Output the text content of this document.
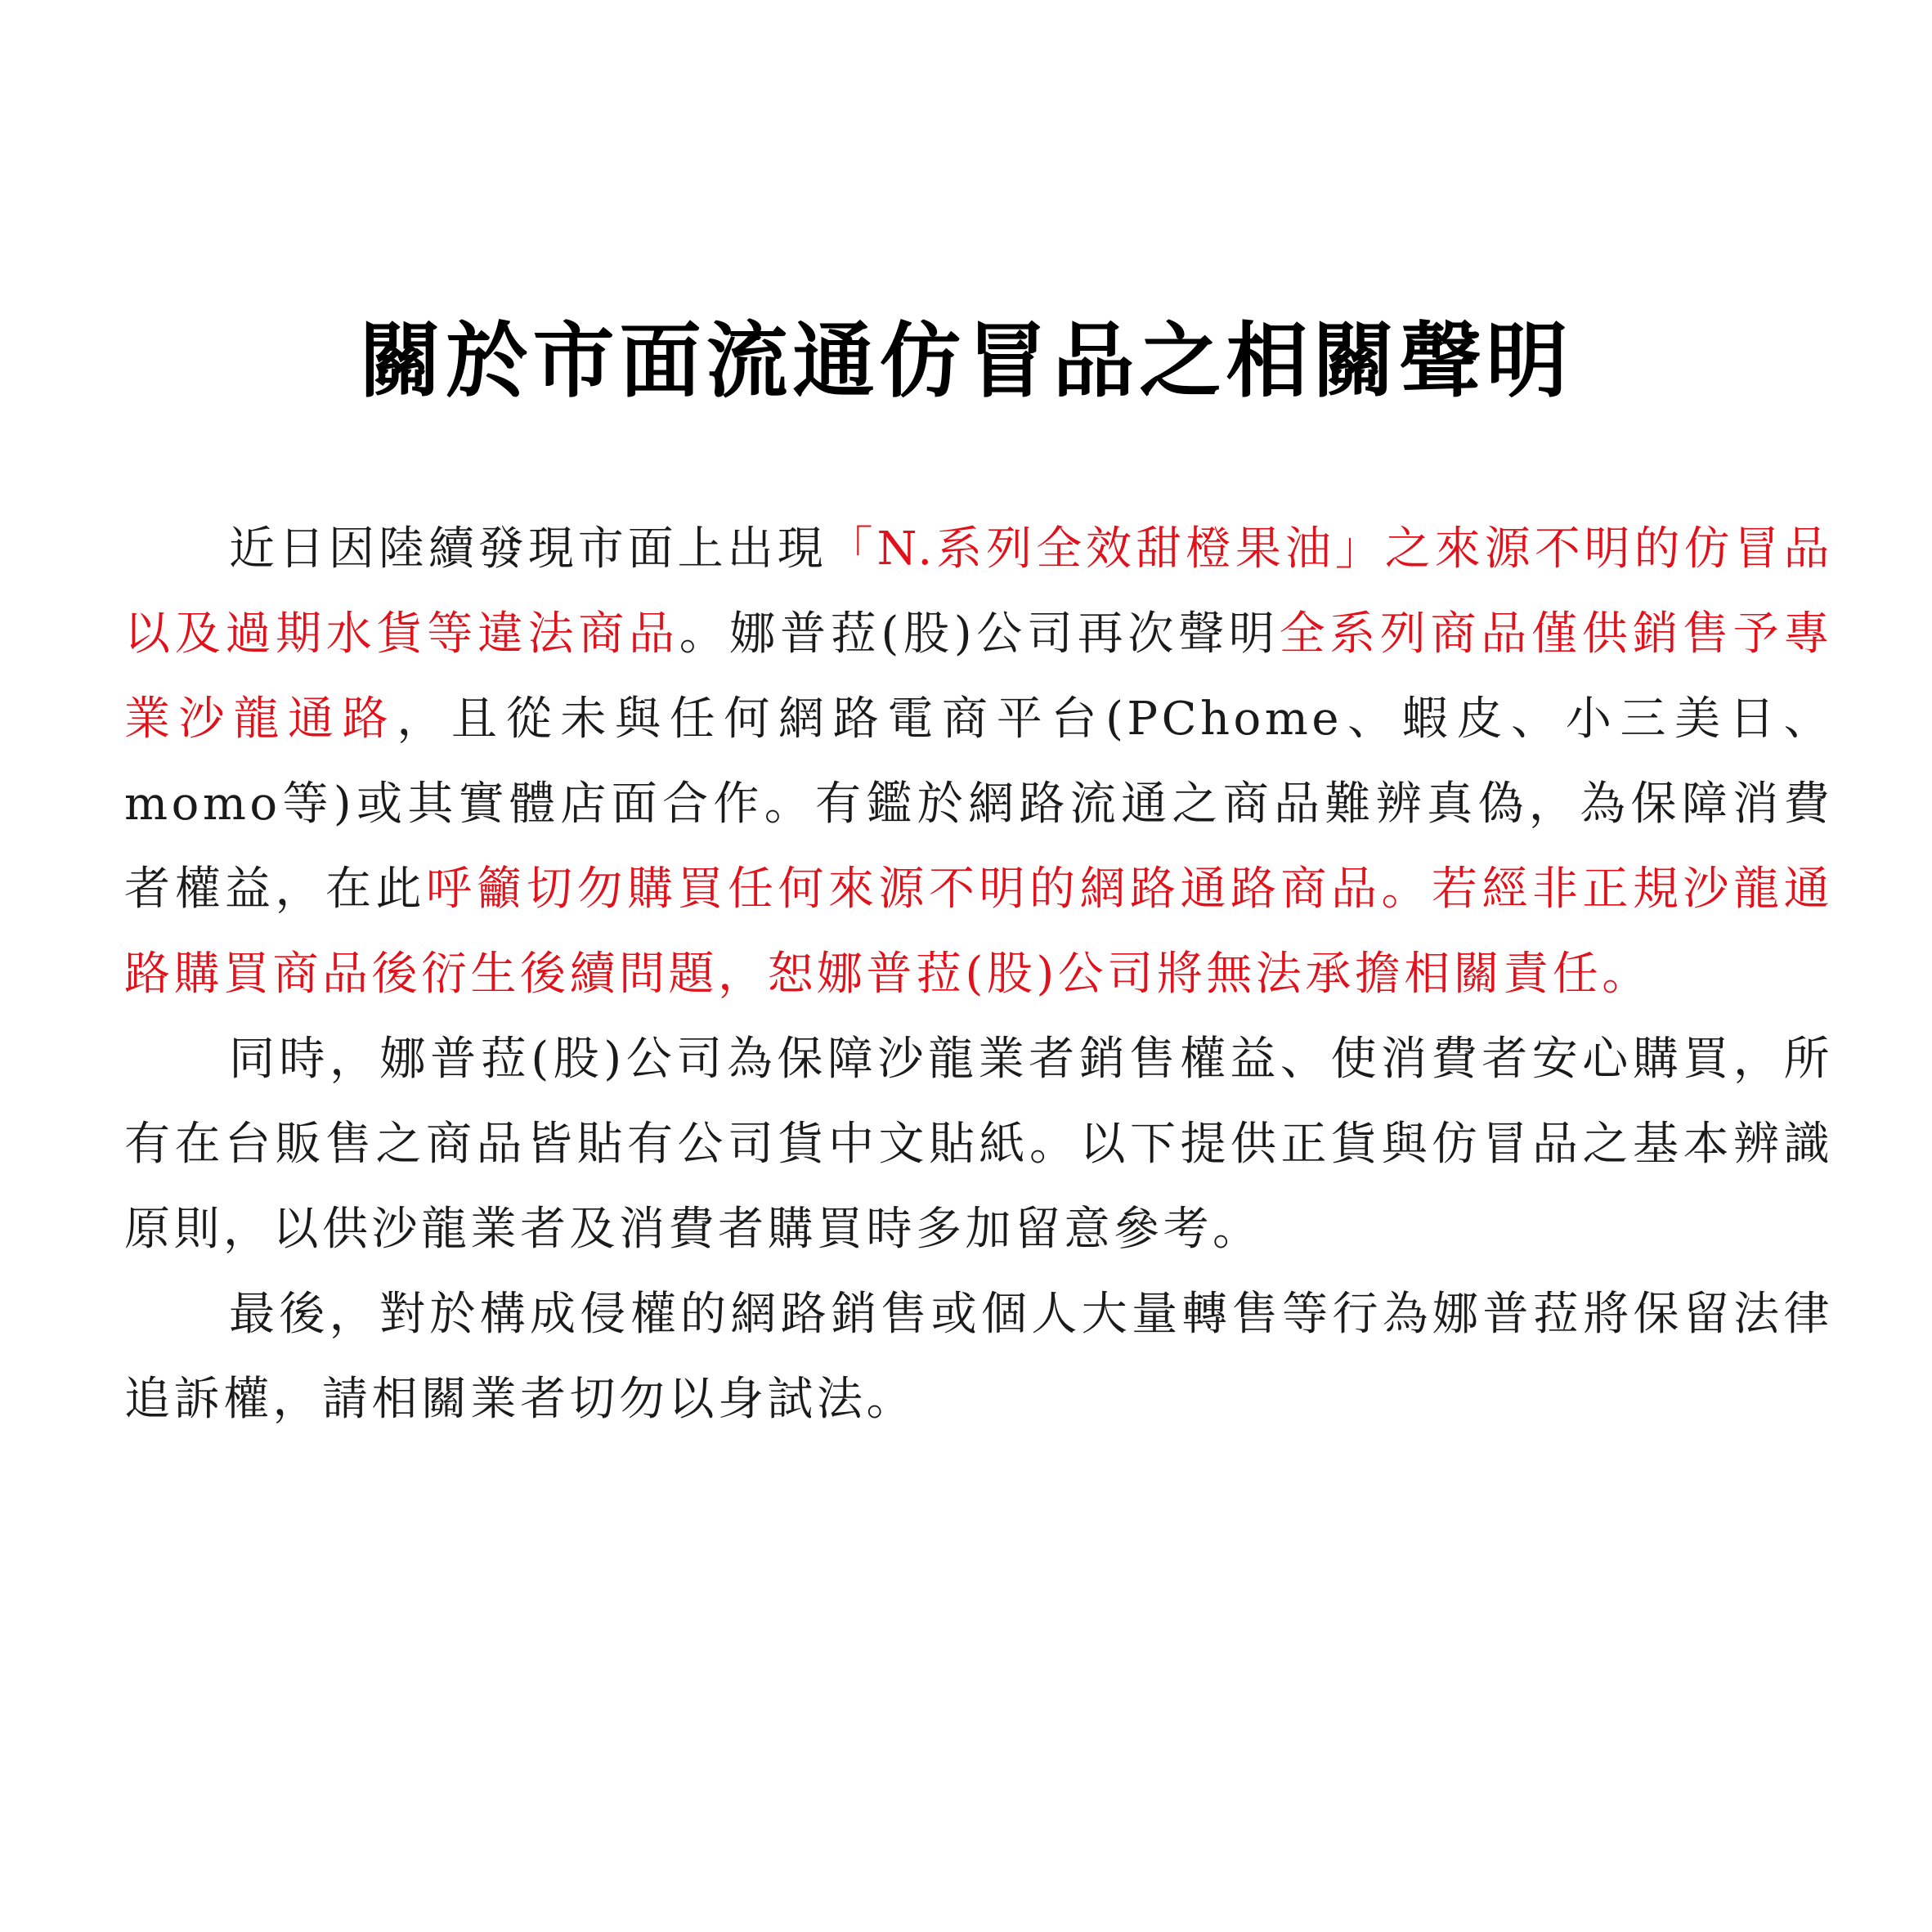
關於市面流通仿冒品之相關聲明

近日因陸續發現市面上出現「N.系列全效甜橙果油」之來源不明的仿冒品以及過期水貨等違法商品。娜普菈(股)公司再次聲明全系列商品僅供銷售予專業沙龍通路，且從未與任何網路電商平台(PChome、蝦皮、小三美日、momo等)或其實體店面合作。有鑑於網路流通之商品難辨真偽，為保障消費者權益，在此呼籲切勿購買任何來源不明的網路通路商品。若經非正規沙龍通路購買商品後衍生後續問題，恕娜普菈(股)公司將無法承擔相關責任。

同時，娜普菈(股)公司為保障沙龍業者銷售權益、使消費者安心購買，所有在台販售之商品皆貼有公司貨中文貼紙。以下提供正貨與仿冒品之基本辨識原則，以供沙龍業者及消費者購買時多加留意參考。

最後，對於構成侵權的網路銷售或個人大量轉售等行為娜普菈將保留法律追訴權，請相關業者切勿以身試法。
